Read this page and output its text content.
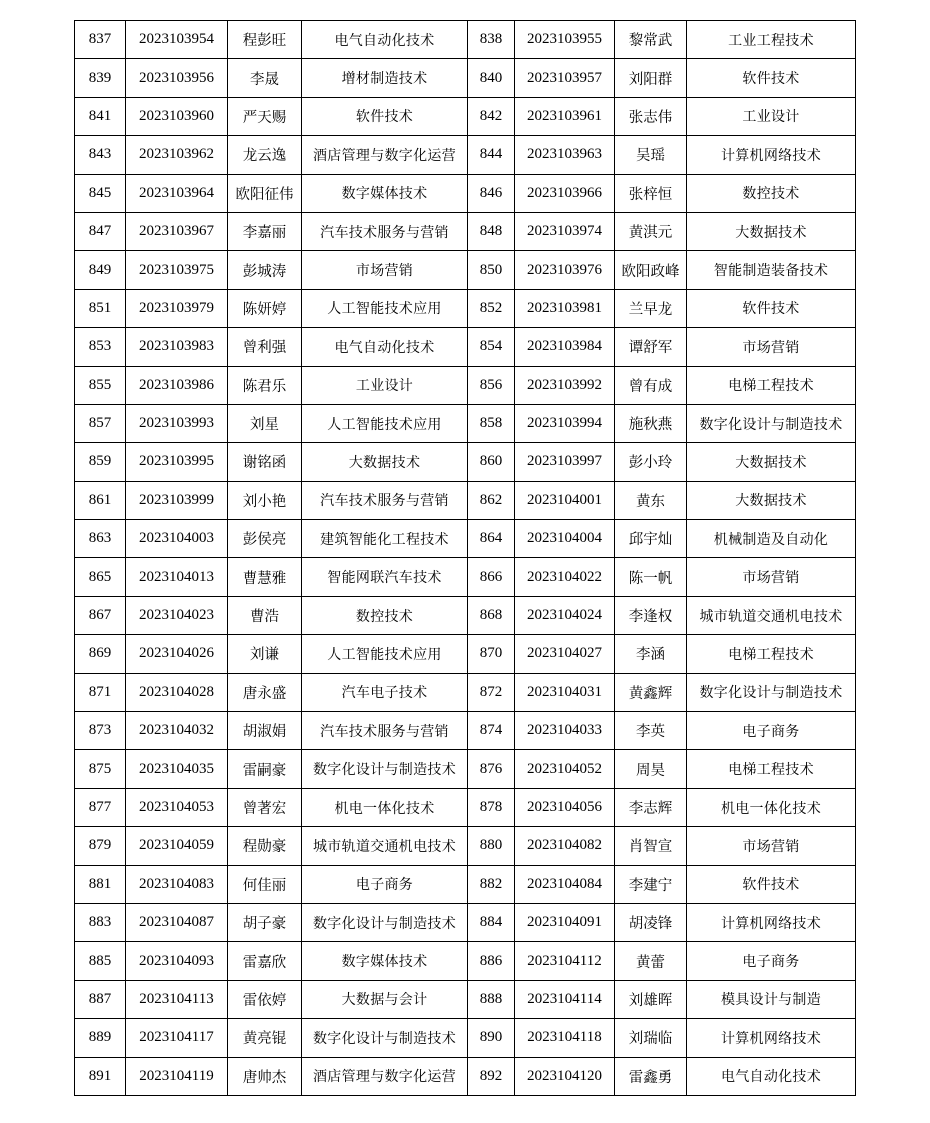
837	2023103954	程彭旺	电气自动化技术	838	2023103955	黎常武	工业工程技术
839	2023103956	李晟	增材制造技术	840	2023103957	刘阳群	软件技术
841	2023103960	严天赐	软件技术	842	2023103961	张志伟	工业设计
843	2023103962	龙云逸	酒店管理与数字化运营	844	2023103963	吴瑶	计算机网络技术
845	2023103964	欧阳征伟	数字媒体技术	846	2023103966	张梓恒	数控技术
847	2023103967	李嘉丽	汽车技术服务与营销	848	2023103974	黄淇元	大数据技术
849	2023103975	彭城涛	市场营销	850	2023103976	欧阳政峰	智能制造装备技术
851	2023103979	陈妍婷	人工智能技术应用	852	2023103981	兰早龙	软件技术
853	2023103983	曾利强	电气自动化技术	854	2023103984	谭舒军	市场营销
855	2023103986	陈君乐	工业设计	856	2023103992	曾有成	电梯工程技术
857	2023103993	刘星	人工智能技术应用	858	2023103994	施秋燕	数字化设计与制造技术
859	2023103995	谢铭函	大数据技术	860	2023103997	彭小玲	大数据技术
861	2023103999	刘小艳	汽车技术服务与营销	862	2023104001	黄东	大数据技术
863	2023104003	彭侯亮	建筑智能化工程技术	864	2023104004	邱宇灿	机械制造及自动化
865	2023104013	曹慧雅	智能网联汽车技术	866	2023104022	陈一帆	市场营销
867	2023104023	曹浩	数控技术	868	2023104024	李逢权	城市轨道交通机电技术
869	2023104026	刘谦	人工智能技术应用	870	2023104027	李涵	电梯工程技术
871	2023104028	唐永盛	汽车电子技术	872	2023104031	黄鑫辉	数字化设计与制造技术
873	2023104032	胡淑娟	汽车技术服务与营销	874	2023104033	李英	电子商务
875	2023104035	雷嗣豪	数字化设计与制造技术	876	2023104052	周昊	电梯工程技术
877	2023104053	曾著宏	机电一体化技术	878	2023104056	李志辉	机电一体化技术
879	2023104059	程勋豪	城市轨道交通机电技术	880	2023104082	肖智宣	市场营销
881	2023104083	何佳丽	电子商务	882	2023104084	李建宁	软件技术
883	2023104087	胡子豪	数字化设计与制造技术	884	2023104091	胡凌锋	计算机网络技术
885	2023104093	雷嘉欣	数字媒体技术	886	2023104112	黄蕾	电子商务
887	2023104113	雷依婷	大数据与会计	888	2023104114	刘雄晖	模具设计与制造
889	2023104117	黄亮锟	数字化设计与制造技术	890	2023104118	刘瑞临	计算机网络技术
891	2023104119	唐帅杰	酒店管理与数字化运营	892	2023104120	雷鑫勇	电气自动化技术
